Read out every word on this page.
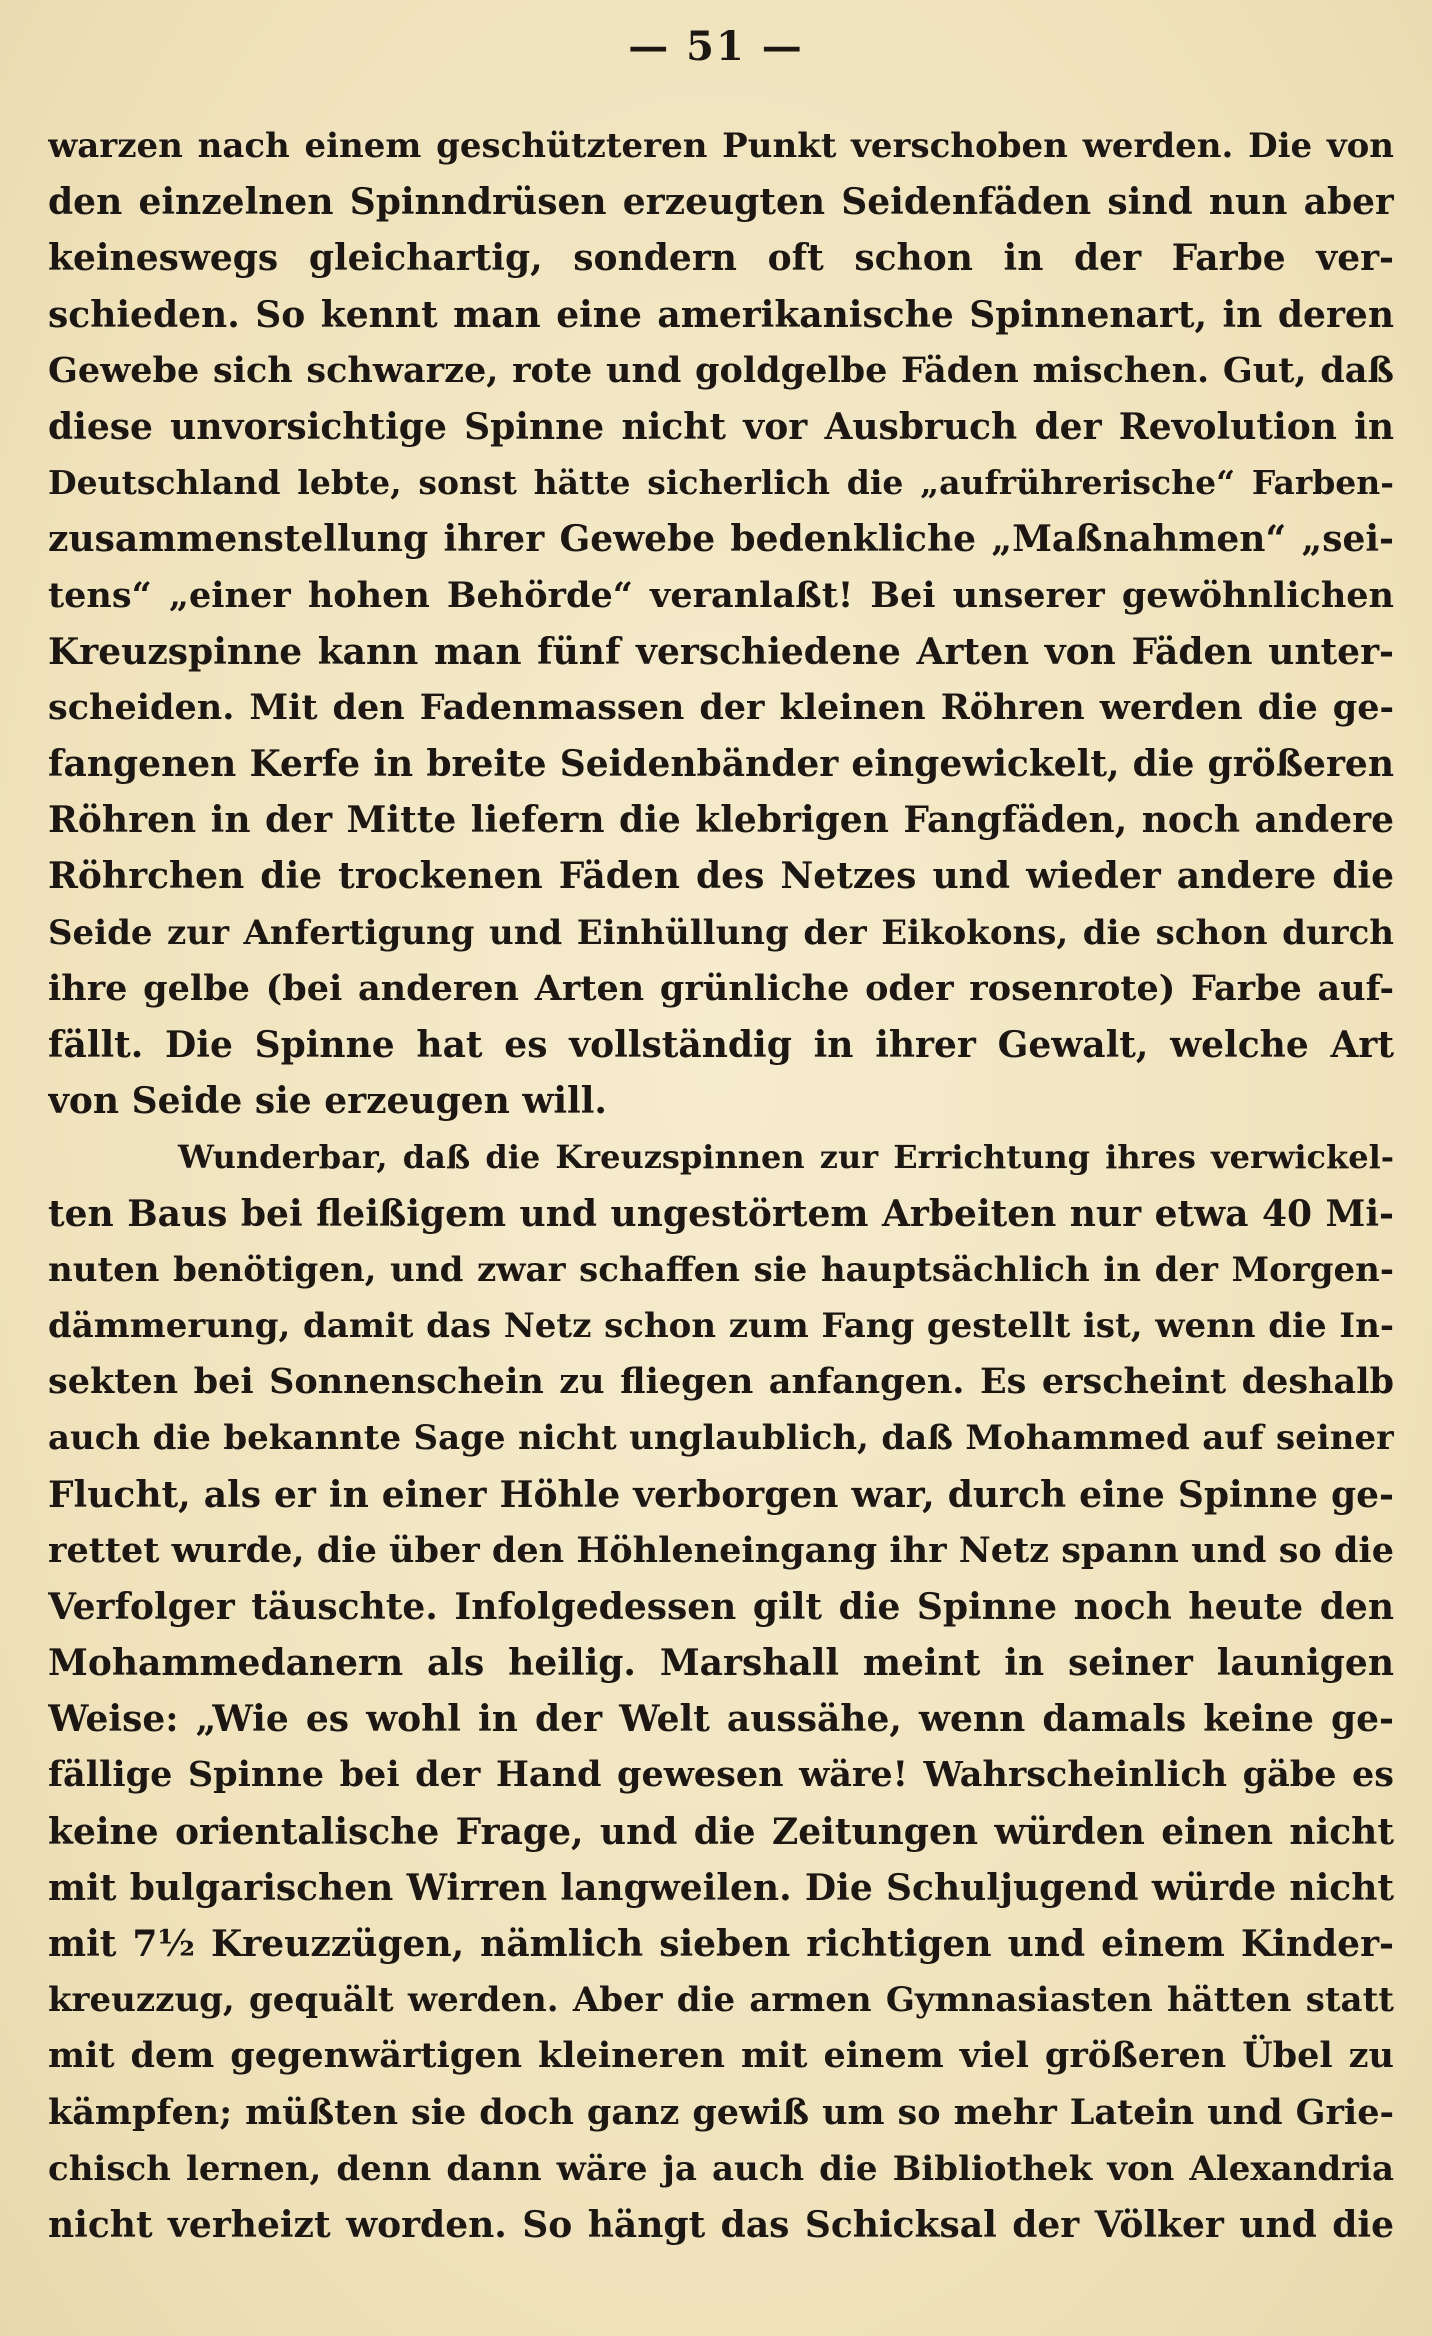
— 51 —
warzen nach einem geschützteren Punkt verschoben werden. Die von
den einzelnen Spinndrüsen erzeugten Seidenfäden sind nun aber
keineswegs gleichartig, sondern oft schon in der Farbe ver-
schieden. So kennt man eine amerikanische Spinnenart, in deren
Gewebe sich schwarze, rote und goldgelbe Fäden mischen. Gut, daß
diese unvorsichtige Spinne nicht vor Ausbruch der Revolution in
Deutschland lebte, sonst hätte sicherlich die „aufrührerische“ Farben-
zusammenstellung ihrer Gewebe bedenkliche „Maßnahmen“ „sei-
tens“ „einer hohen Behörde“ veranlaßt! Bei unserer gewöhnlichen
Kreuzspinne kann man fünf verschiedene Arten von Fäden unter-
scheiden. Mit den Fadenmassen der kleinen Röhren werden die ge-
fangenen Kerfe in breite Seidenbänder eingewickelt, die größeren
Röhren in der Mitte liefern die klebrigen Fangfäden, noch andere
Röhrchen die trockenen Fäden des Netzes und wieder andere die
Seide zur Anfertigung und Einhüllung der Eikokons, die schon durch
ihre gelbe (bei anderen Arten grünliche oder rosenrote) Farbe auf-
fällt. Die Spinne hat es vollständig in ihrer Gewalt, welche Art
von Seide sie erzeugen will.
Wunderbar, daß die Kreuzspinnen zur Errichtung ihres verwickel-
ten Baus bei fleißigem und ungestörtem Arbeiten nur etwa 40 Mi-
nuten benötigen, und zwar schaffen sie hauptsächlich in der Morgen-
dämmerung, damit das Netz schon zum Fang gestellt ist, wenn die In-
sekten bei Sonnenschein zu fliegen anfangen. Es erscheint deshalb
auch die bekannte Sage nicht unglaublich, daß Mohammed auf seiner
Flucht, als er in einer Höhle verborgen war, durch eine Spinne ge-
rettet wurde, die über den Höhleneingang ihr Netz spann und so die
Verfolger täuschte. Infolgedessen gilt die Spinne noch heute den
Mohammedanern als heilig. Marshall meint in seiner launigen
Weise: „Wie es wohl in der Welt aussähe, wenn damals keine ge-
fällige Spinne bei der Hand gewesen wäre! Wahrscheinlich gäbe es
keine orientalische Frage, und die Zeitungen würden einen nicht
mit bulgarischen Wirren langweilen. Die Schuljugend würde nicht
mit 7½ Kreuzzügen, nämlich sieben richtigen und einem Kinder-
kreuzzug, gequält werden. Aber die armen Gymnasiasten hätten statt
mit dem gegenwärtigen kleineren mit einem viel größeren Übel zu
kämpfen; müßten sie doch ganz gewiß um so mehr Latein und Grie-
chisch lernen, denn dann wäre ja auch die Bibliothek von Alexandria
nicht verheizt worden. So hängt das Schicksal der Völker und die
